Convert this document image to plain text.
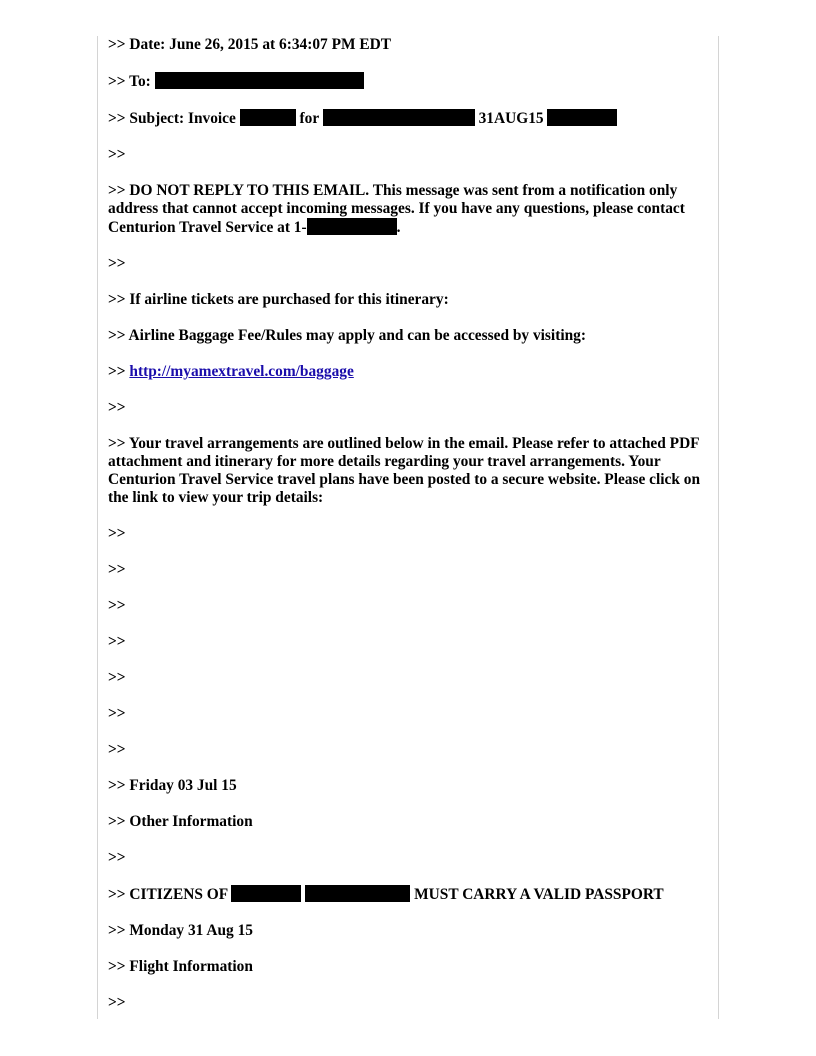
>> Date: June 26, 2015 at 6:34:07 PM EDT
>> To:
>> Subject: Invoice	for	31AUG15
>>
>> DO NOT REPLY TO THIS EMAIL. This message was sent from a notification only address that cannot accept incoming messages. If you have any questions, please contact Centurion Travel Service at 1-	.
>>
>> If airline tickets are purchased for this itinerary:
>> Airline Baggage Fee/Rules may apply and can be accessed by visiting:
>> http://myamextravel.com/baggage
>>
>> Your travel arrangements are outlined below in the email. Please refer to attached PDF attachment and itinerary for more details regarding your travel arrangements. Your Centurion Travel Service travel plans have been posted to a secure website. Please click on the link to view your trip details:
>>
>>
>>
>>
>>
>>
>>
>> Friday 03 Jul 15
>> Other Information
>>
>> CITIZENS OF	MUST CARRY A VALID PASSPORT
>> Monday 31 Aug 15
>> Flight Information
>>
